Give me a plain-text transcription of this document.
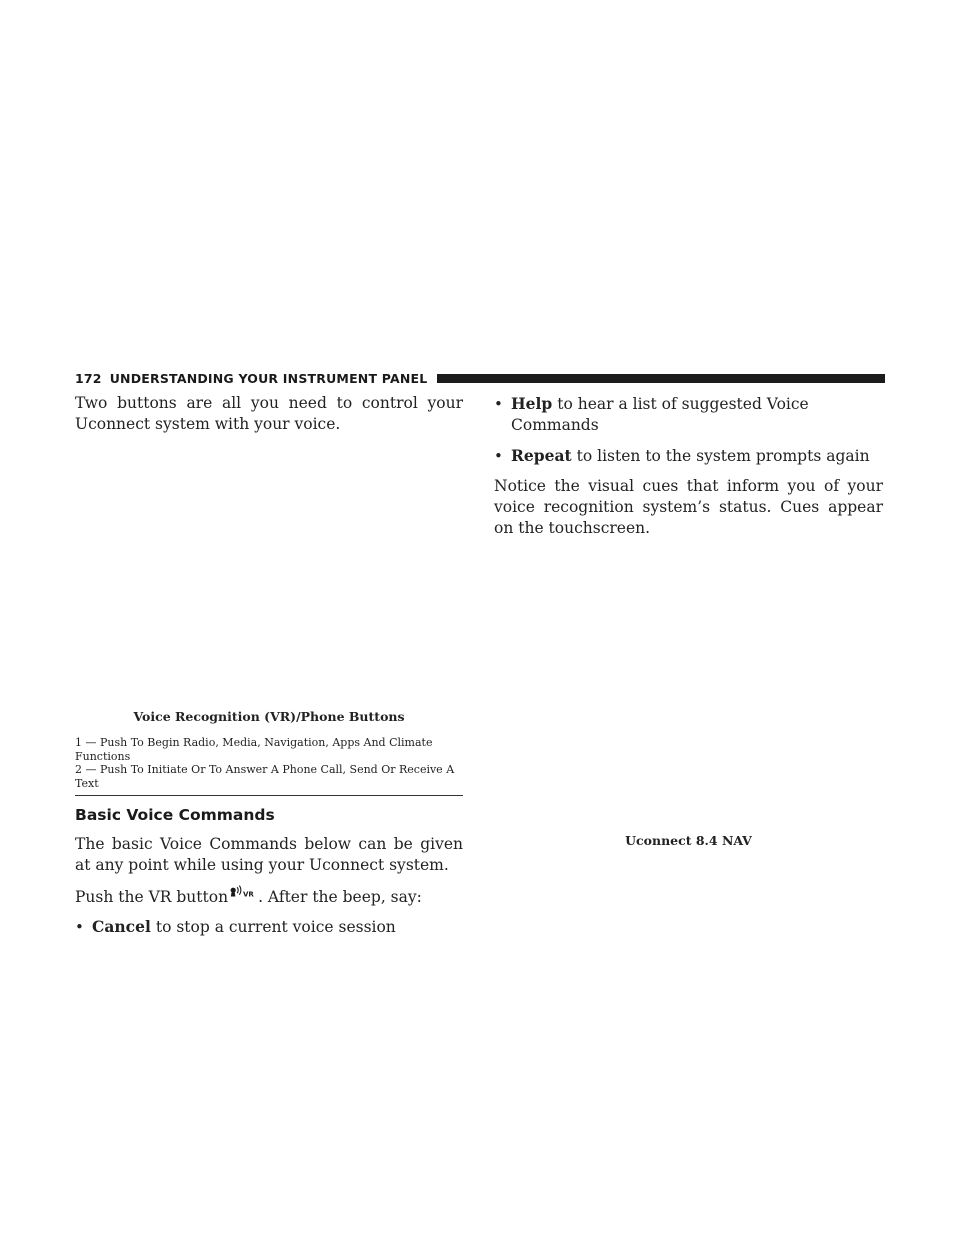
172 UNDERSTANDING YOUR INSTRUMENT PANEL

Two buttons are all you need to control your Uconnect system with your voice.

Voice Recognition (VR)/Phone Buttons

1 — Push To Begin Radio, Media, Navigation, Apps And Climate Functions

2 — Push To Initiate Or To Answer A Phone Call, Send Or Receive A Text

Basic Voice Commands

The basic Voice Commands below can be given at any point while using your Uconnect system.

Push the VR button VR . After the beep, say:

• Cancel to stop a current voice session
• Help to hear a list of suggested Voice Commands
• Repeat to listen to the system prompts again

Notice the visual cues that inform you of your voice recognition system’s status. Cues appear on the touchscreen.

Uconnect 8.4 NAV
